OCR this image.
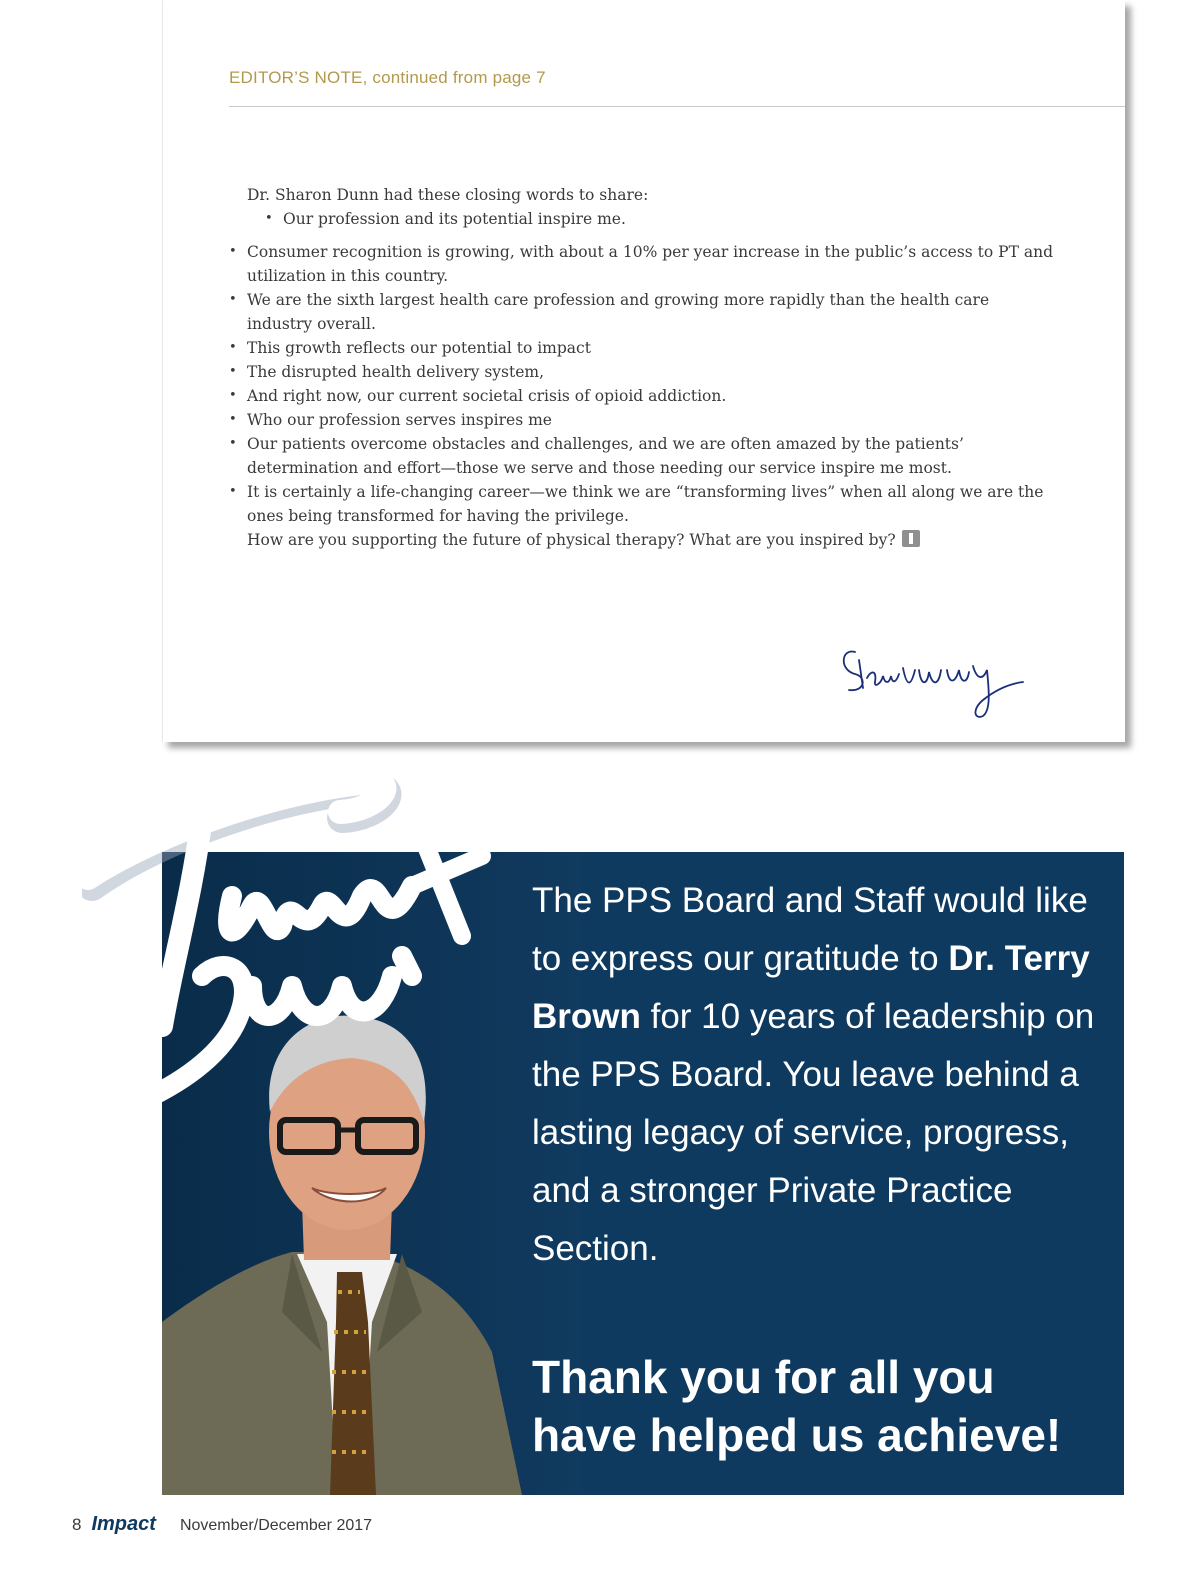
EDITOR’S NOTE, continued from page 7

Dr. Sharon Dunn had these closing words to share:

• Our profession and its potential inspire me.

• Consumer recognition is growing, with about a 10% per year increase in the public’s access to PT and utilization in this country.

• We are the sixth largest health care profession and growing more rapidly than the health care industry overall.

• This growth reflects our potential to impact

• The disrupted health delivery system,

• And right now, our current societal crisis of opioid addiction.

• Who our profession serves inspires me

• Our patients overcome obstacles and challenges, and we are often amazed by the patients’ determination and effort—those we serve and those needing our service inspire me most.

• It is certainly a life-changing career—we think we are “transforming lives” when all along we are the ones being transformed for having the privilege.

How are you supporting the future of physical therapy? What are you inspired by?

Thank you!
The PPS Board and Staff would like to express our gratitude to Dr. Terry Brown for 10 years of leadership on the PPS Board. You leave behind a lasting legacy of service, progress, and a stronger Private Practice Section.
Thank you for all you have helped us achieve!
8 Impact November/December 2017
